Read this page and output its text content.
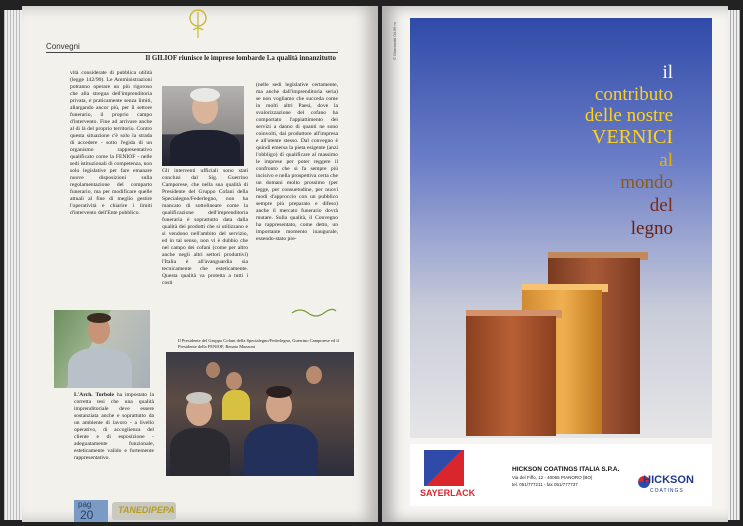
Convegni
Il GILIOF riunisce le imprese lombarde La qualità innanzitutto
vità considerate di pubblica utilità (legge 142/90). Le Amministrazioni potranno operare un più rigoroso che alla stregua dell'imprenditoria privata, e praticamente senza limiti, allargando ancor più, per il settore funerario, il proprio campo d'intervento. Fine ad arrivare anche al di là del proprio territorio. Contro questa situazione c'è solo la strada di accedere - sotto l'egida di un organismo rappresentativo qualificato come la FENIOF - nelle sedi istituzionali di competenza, non solo legislative per fare emanare nuove disposizioni sulla regolamentazione del comparto funerario, ma per modificare quelle attuali al fine di meglio gestire l'operatività e chiarire i limiti d'intervento dell'Ente pubblico.
Gli interventi ufficiali sono stati conclusi dal Sig. Guerrino Camporese, che nella sua qualità di Presidente del Gruppo Cofani della Specialegno/Federlegno, non ha mancato di sottolineare come la qualificazione dell'imprenditoria funeraria è soprattutto data dalla qualità dei prodotti che si utilizzano e si vendono nell'ambito del servizio, ed in tal senso, non vi è dubbio che nel campo dei cofani (come per altro anche negli altri settori produttivi) l'Italia è all'avanguardia sia tecnicamente che esteticamente. Questa qualità va protetta a tutti i costi
(nelle sedi legislative certamente, ma anche dall'imprenditoria seria) se non vogliamo che succeda come in molti altri Paesi, dove la svalorizzazione del cofano ha comportato l'appiattimento dei servizi a danno di quanti ne sono coinvolti, dal produttore all'impresa e all'utente stesso. Dal convegno è quindi emersa la pieta esigente (anzi l'obbligo) di qualificare al massimo le imprese per poter reggere il confronto che si fa sempre più incisivo e nella prospettiva certa che un domani molto prossimo (per legge, per consuetudine, per nuovi modi d'approccio con un pubblico sempre più preparato e difeso) anche il mercato funerario dovrà mutare. Sulla qualità, il Convegno ha rappresentato, come detto, un importante momento inaugurale, essendo-stato pre-
L'Arch. Torbole ha impostato la corretta tesi che una qualità imprenditoriale deve essere sostanziata anche e soprattutto da un ambiente di lavoro - a livello operativo, di accoglienza del cliente e di esposizione - adeguatamente funzionale, esteticamente valido e fortemente rappresentativo.
Il Presidente del Gruppo Cofani della Specialegno/Federlegno, Guerrino Camporese ed il Presidente della FENIOF, Renato Mazzoni
pag
20	TANEDIPEPA
© Giammotti 04.96 m
il
contributo
delle nostre
VERNICI
al
mondo
del
legno
SAYERLACK
HICKSON COATINGS ITALIA S.P.A.
Via del Fiffo, 12 - 40065 PIANORO (BO)
tel. 051/777211 - fax 051/777737	HICKSON
COATINGS
